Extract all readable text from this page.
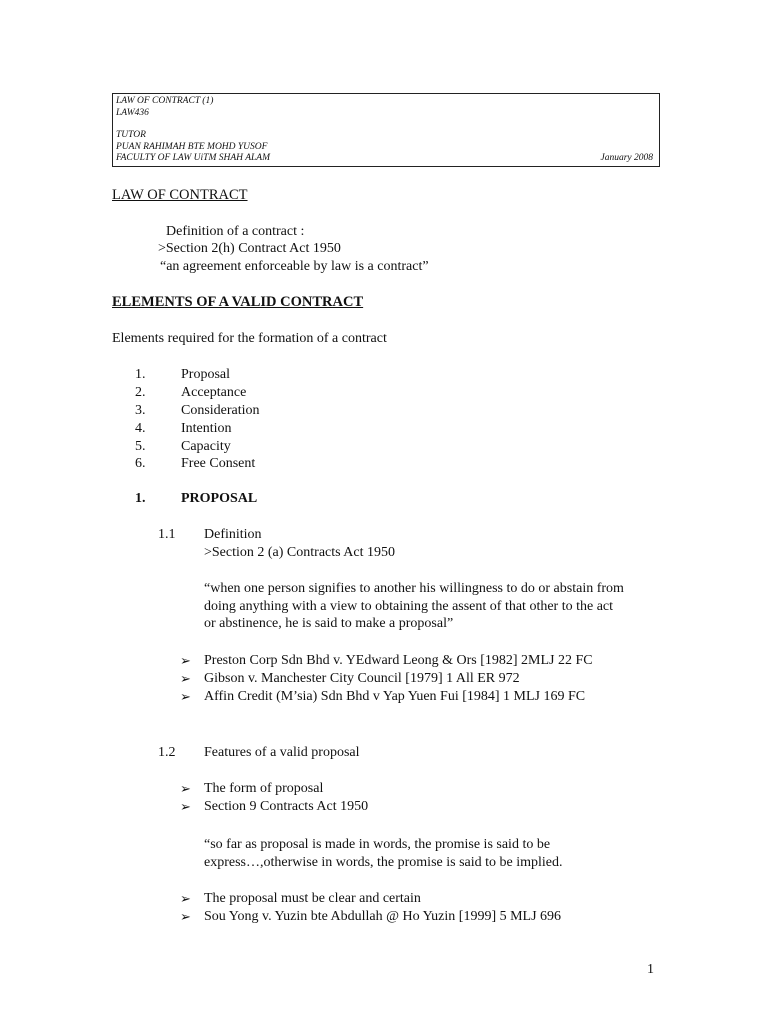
LAW OF CONTRACT (1)
LAW436
TUTOR
PUAN RAHIMAH BTE MOHD YUSOF
FACULTY OF LAW UiTM SHAH ALAM	January 2008
LAW OF CONTRACT
Definition of a contract :
>Section 2(h) Contract Act 1950
“an agreement enforceable by law is a contract”
ELEMENTS OF A VALID CONTRACT
Elements required for the formation of a contract
1.	Proposal
2.	Acceptance
3.	Consideration
4.	Intention
5.	Capacity
6.	Free Consent
1.	PROPOSAL
1.1 Definition
>Section 2 (a) Contracts Act 1950
“when one person signifies to another his willingness to do or abstain from
doing anything with a view to obtaining the assent of that other to the act
or abstinence, he is said to make a proposal”
➢ Preston Corp Sdn Bhd v. YEdward Leong & Ors [1982] 2MLJ 22 FC
➢ Gibson v. Manchester City Council [1979] 1 All ER 972
➢ Affin Credit (M’sia) Sdn Bhd v Yap Yuen Fui [1984] 1 MLJ 169 FC
1.2 Features of a valid proposal
➢ The form of proposal
➢ Section 9 Contracts Act 1950
“so far as proposal is made in words, the promise is said to be
express…,otherwise in words, the promise is said to be implied.
➢ The proposal must be clear and certain
➢ Sou Yong v. Yuzin bte Abdullah @ Ho Yuzin [1999] 5 MLJ 696
1
